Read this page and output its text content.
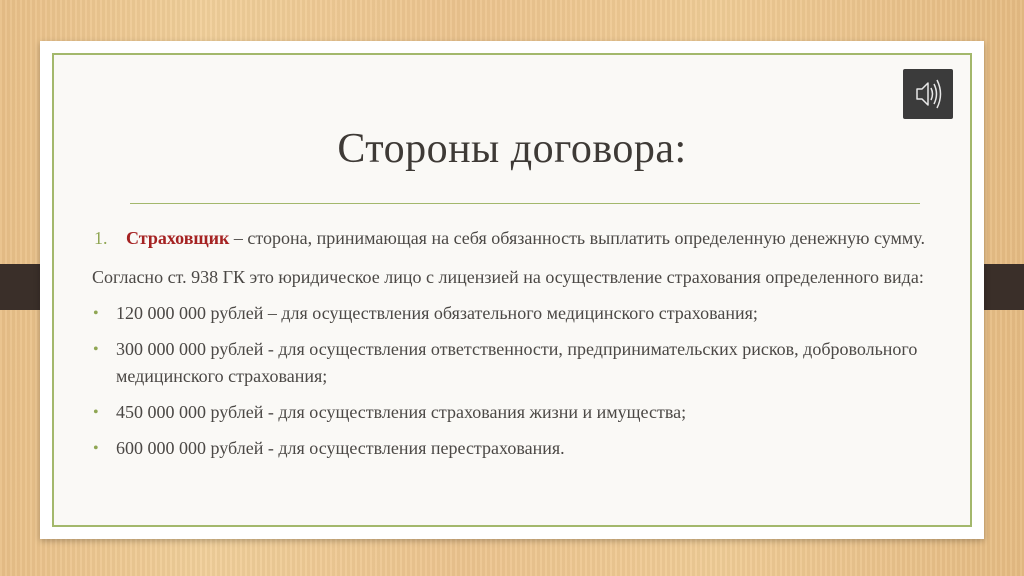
Стороны договора:
1. Страховщик – сторона, принимающая на себя обязанность выплатить определенную денежную сумму.
Согласно ст. 938 ГК это юридическое лицо с лицензией на осуществление страхования определенного вида:
• 120 000 000 рублей – для осуществления обязательного медицинского страхования;
• 300 000 000 рублей - для осуществления ответственности, предпринимательских рисков, добровольного медицинского страхования;
• 450 000 000 рублей - для осуществления страхования жизни и имущества;
• 600 000 000 рублей - для осуществления перестрахования.
